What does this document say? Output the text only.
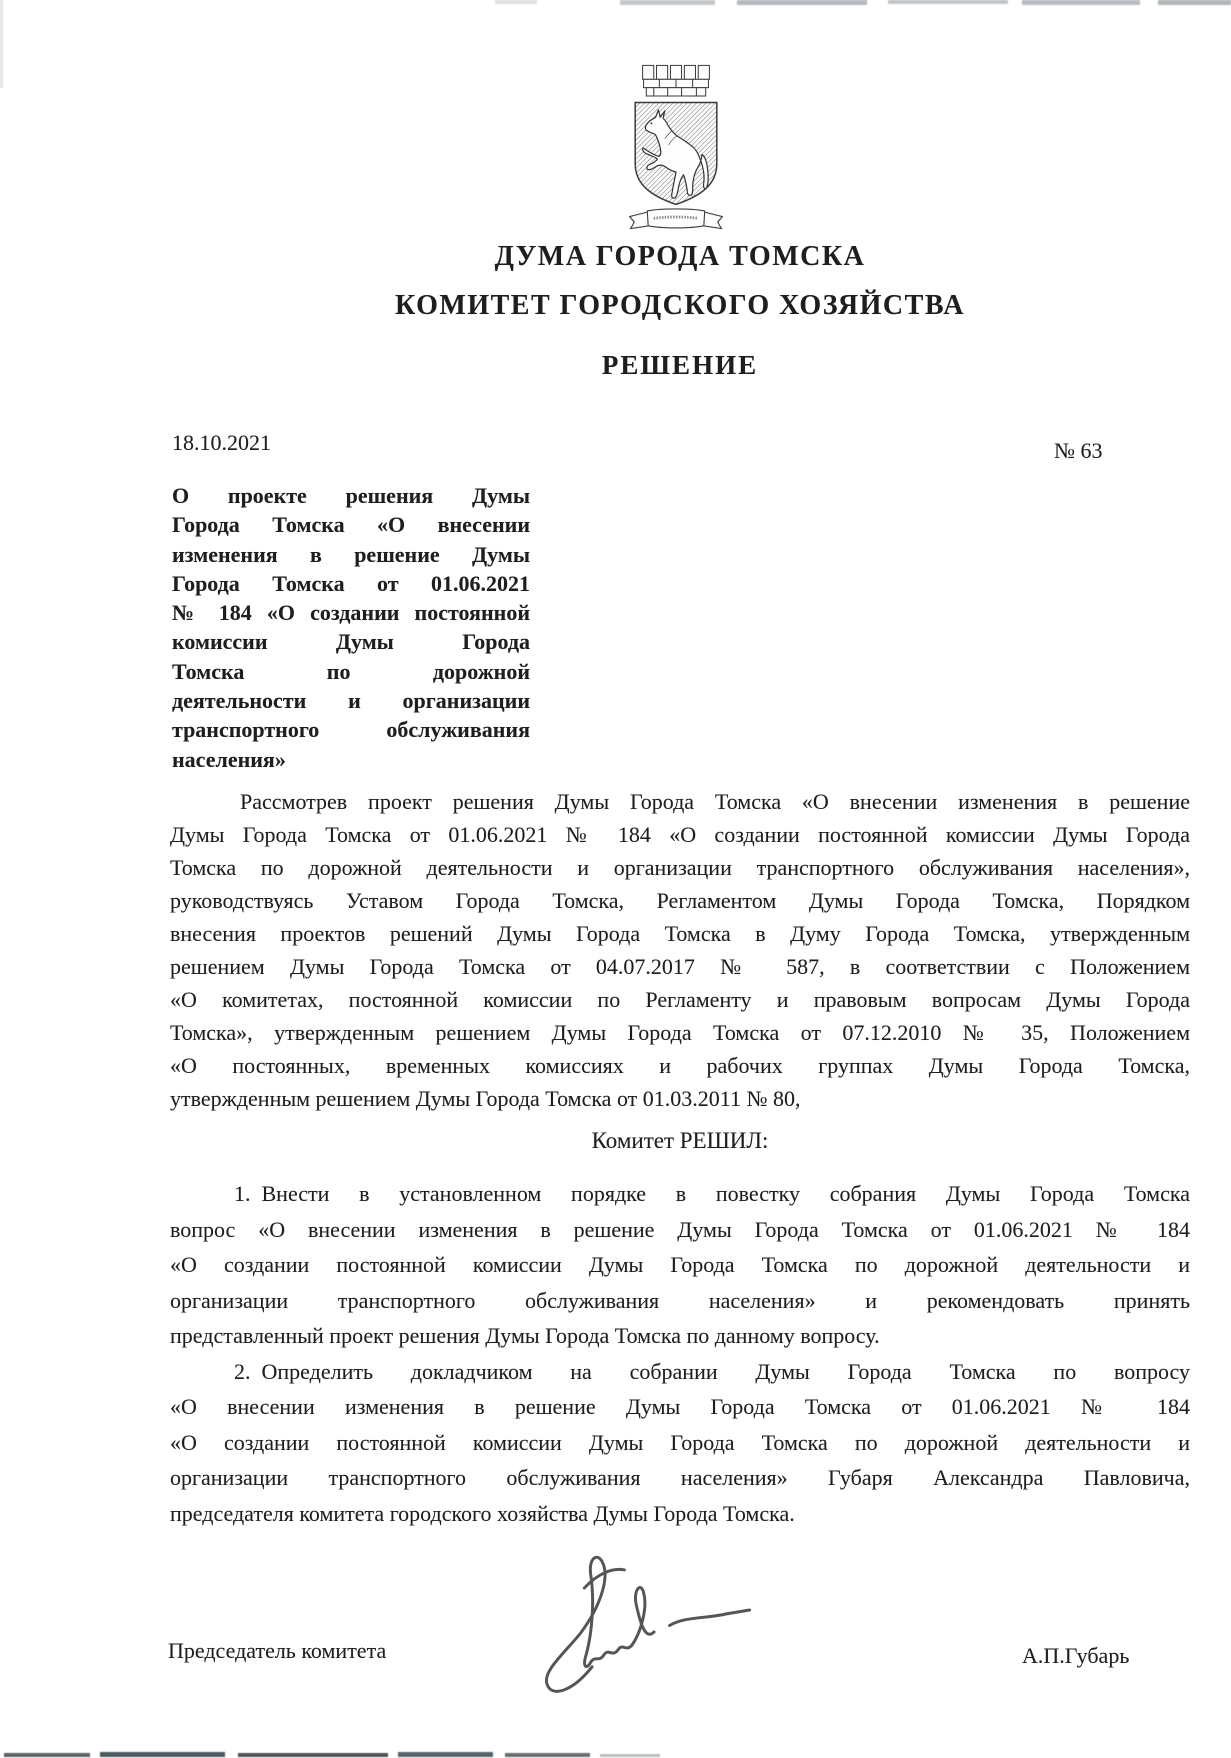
ДУМА ГОРОДА ТОМСКА
КОМИТЕТ ГОРОДСКОГО ХОЗЯЙСТВА
РЕШЕНИЕ
18.10.2021	№ 63
О проекте решения Думы
Города Томска «О внесении
изменения в решение Думы
Города Томска от 01.06.2021
№ 184 «О создании постоянной
комиссии Думы Города
Томска по дорожной
деятельности и организации
транспортного обслуживания
населения»
Рассмотрев проект решения Думы Города Томска «О внесении изменения в решение
Думы Города Томска от 01.06.2021 № 184 «О создании постоянной комиссии Думы Города
Томска по дорожной деятельности и организации транспортного обслуживания населения»,
руководствуясь Уставом Города Томска, Регламентом Думы Города Томска, Порядком
внесения проектов решений Думы Города Томска в Думу Города Томска, утвержденным
решением Думы Города Томска от 04.07.2017 № 587, в соответствии с Положением
«О комитетах, постоянной комиссии по Регламенту и правовым вопросам Думы Города
Томска», утвержденным решением Думы Города Томска от 07.12.2010 № 35, Положением
«О постоянных, временных комиссиях и рабочих группах Думы Города Томска,
утвержденным решением Думы Города Томска от 01.03.2011 № 80,
Комитет РЕШИЛ:
1. Внести в установленном порядке в повестку собрания Думы Города Томска
вопрос «О внесении изменения в решение Думы Города Томска от 01.06.2021 № 184
«О создании постоянной комиссии Думы Города Томска по дорожной деятельности и
организации транспортного обслуживания населения» и рекомендовать принять
представленный проект решения Думы Города Томска по данному вопросу.
2. Определить докладчиком на собрании Думы Города Томска по вопросу
«О внесении изменения в решение Думы Города Томска от 01.06.2021 № 184
«О создании постоянной комиссии Думы Города Томска по дорожной деятельности и
организации транспортного обслуживания населения» Губаря Александра Павловича,
председателя комитета городского хозяйства Думы Города Томска.
Председатель комитета	А.П.Губарь
